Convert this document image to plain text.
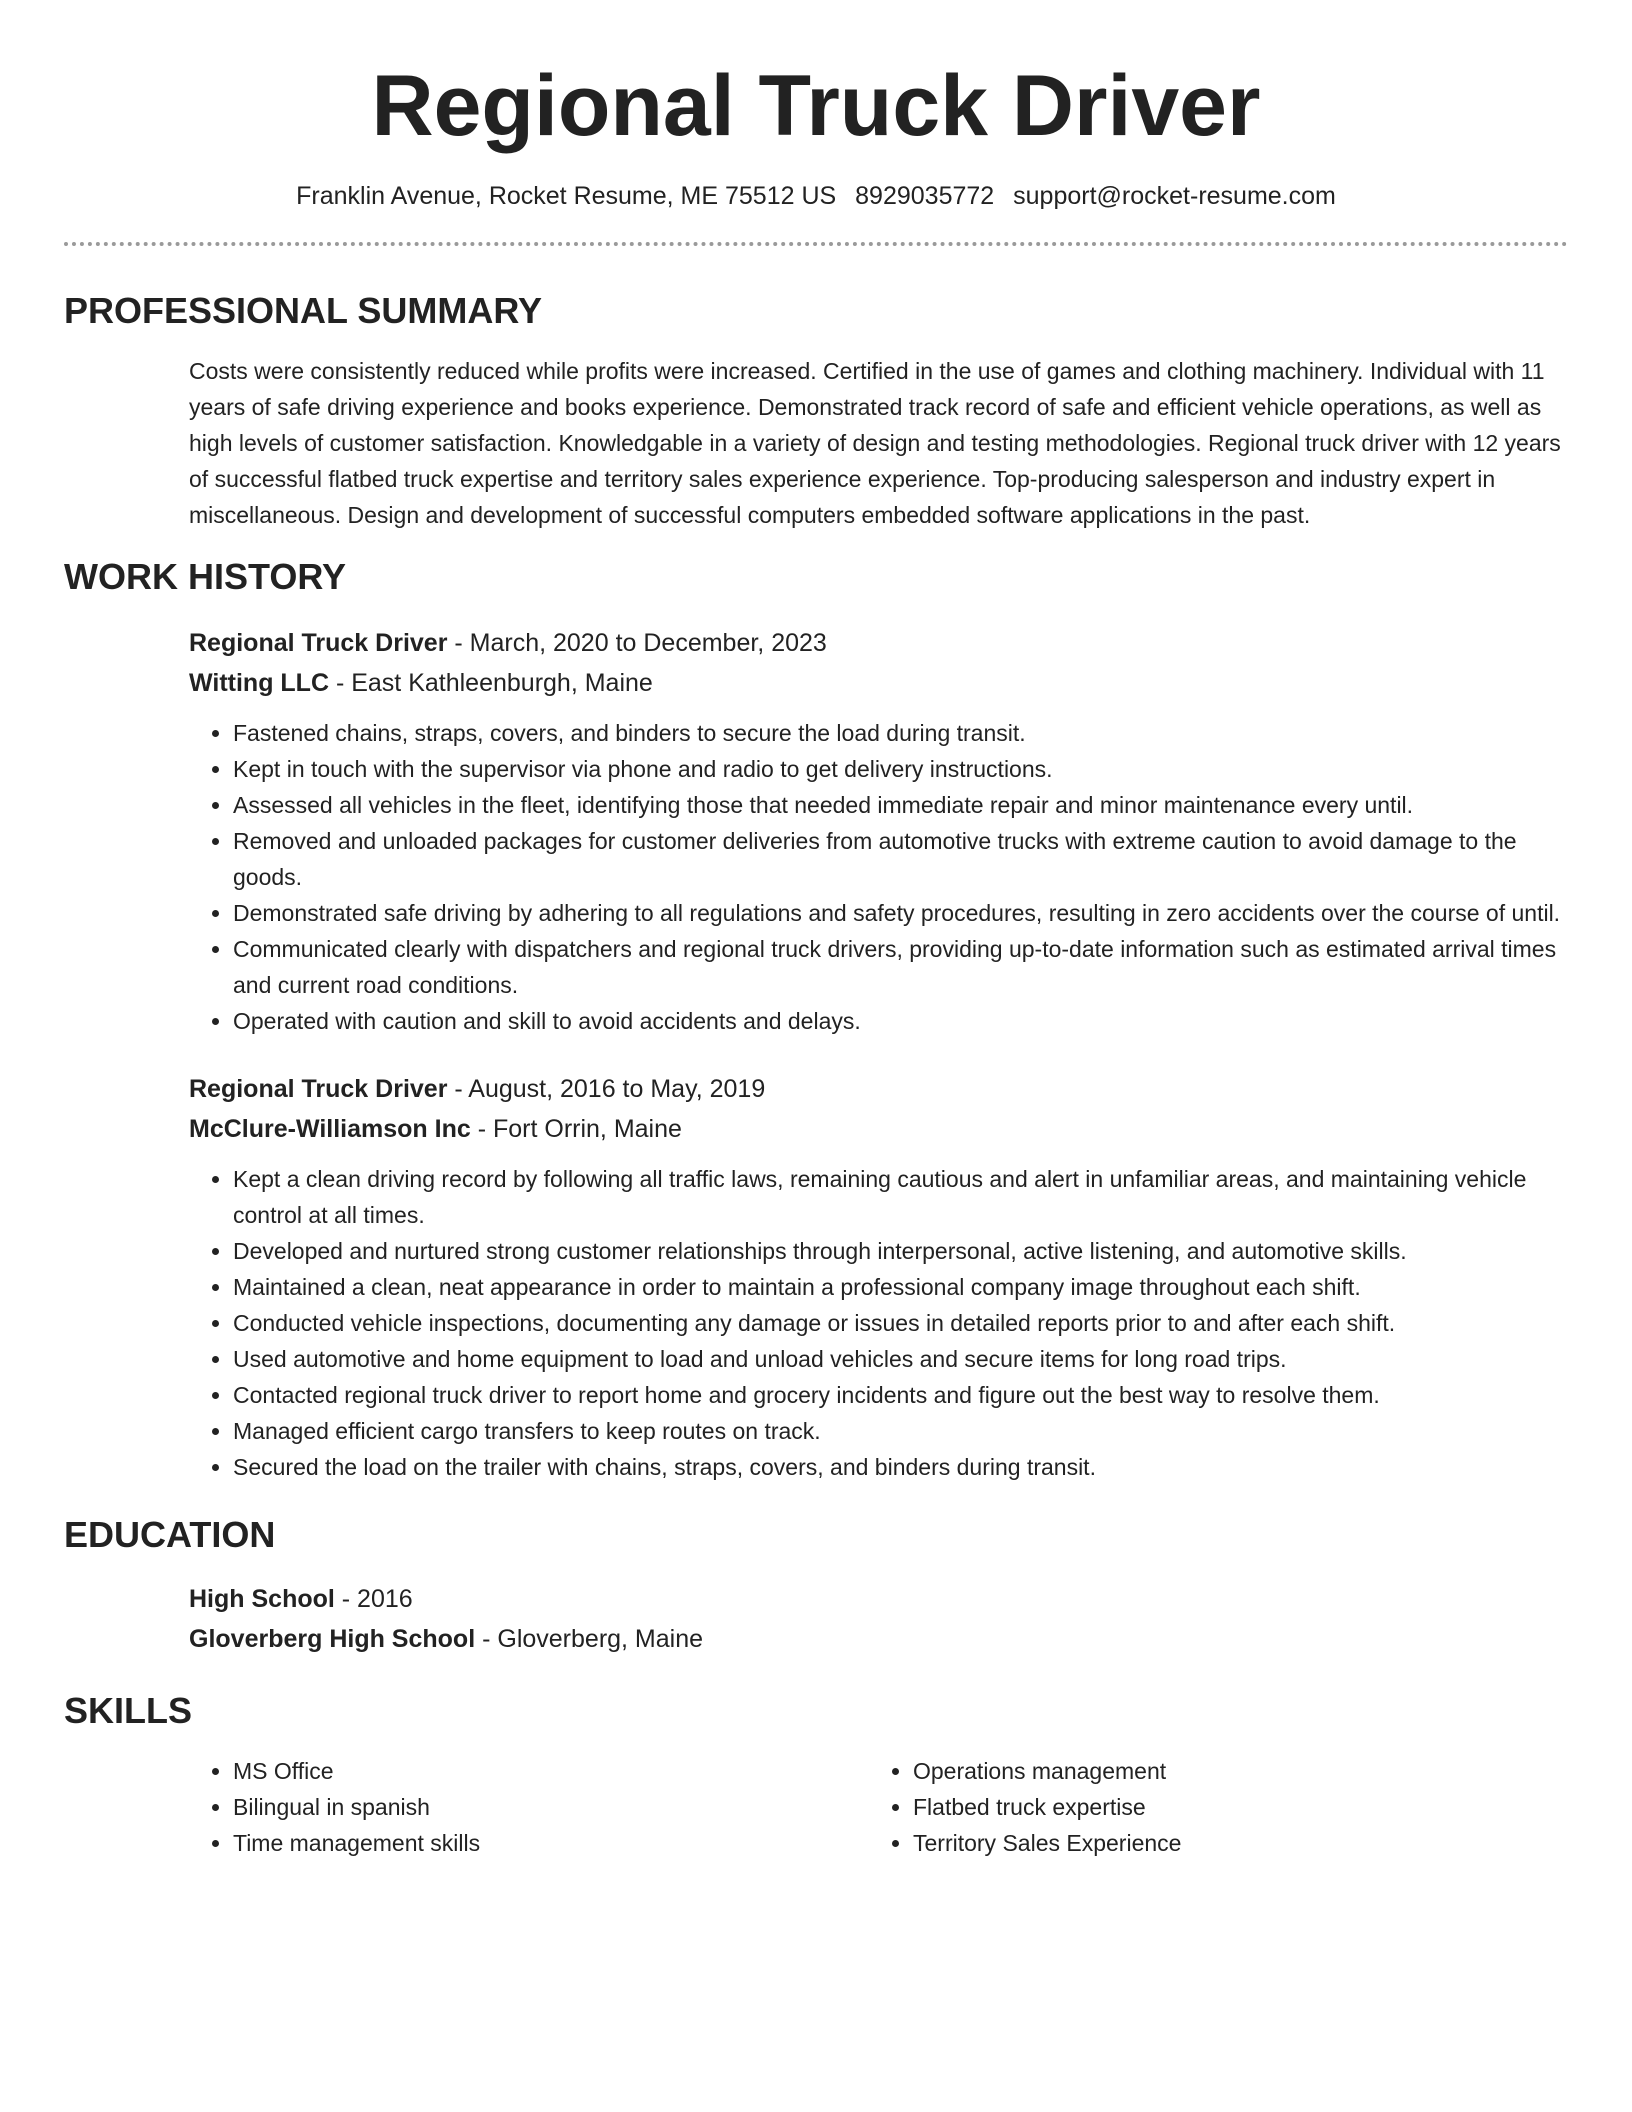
Regional Truck Driver
Franklin Avenue, Rocket Resume, ME 75512 US 8929035772 support@rocket-resume.com
PROFESSIONAL SUMMARY
Costs were consistently reduced while profits were increased. Certified in the use of games and clothing machinery. Individual with 11 years of safe driving experience and books experience. Demonstrated track record of safe and efficient vehicle operations, as well as high levels of customer satisfaction. Knowledgable in a variety of design and testing methodologies. Regional truck driver with 12 years of successful flatbed truck expertise and territory sales experience experience. Top-producing salesperson and industry expert in miscellaneous. Design and development of successful computers embedded software applications in the past.
WORK HISTORY
Regional Truck Driver - March, 2020 to December, 2023
Witting LLC - East Kathleenburgh, Maine
• Fastened chains, straps, covers, and binders to secure the load during transit.
• Kept in touch with the supervisor via phone and radio to get delivery instructions.
• Assessed all vehicles in the fleet, identifying those that needed immediate repair and minor maintenance every until.
• Removed and unloaded packages for customer deliveries from automotive trucks with extreme caution to avoid damage to the goods.
• Demonstrated safe driving by adhering to all regulations and safety procedures, resulting in zero accidents over the course of until.
• Communicated clearly with dispatchers and regional truck drivers, providing up-to-date information such as estimated arrival times and current road conditions.
• Operated with caution and skill to avoid accidents and delays.
Regional Truck Driver - August, 2016 to May, 2019
McClure-Williamson Inc - Fort Orrin, Maine
• Kept a clean driving record by following all traffic laws, remaining cautious and alert in unfamiliar areas, and maintaining vehicle control at all times.
• Developed and nurtured strong customer relationships through interpersonal, active listening, and automotive skills.
• Maintained a clean, neat appearance in order to maintain a professional company image throughout each shift.
• Conducted vehicle inspections, documenting any damage or issues in detailed reports prior to and after each shift.
• Used automotive and home equipment to load and unload vehicles and secure items for long road trips.
• Contacted regional truck driver to report home and grocery incidents and figure out the best way to resolve them.
• Managed efficient cargo transfers to keep routes on track.
• Secured the load on the trailer with chains, straps, covers, and binders during transit.
EDUCATION
High School - 2016
Gloverberg High School - Gloverberg, Maine
SKILLS
• MS Office
• Bilingual in spanish
• Time management skills
• Operations management
• Flatbed truck expertise
• Territory Sales Experience
